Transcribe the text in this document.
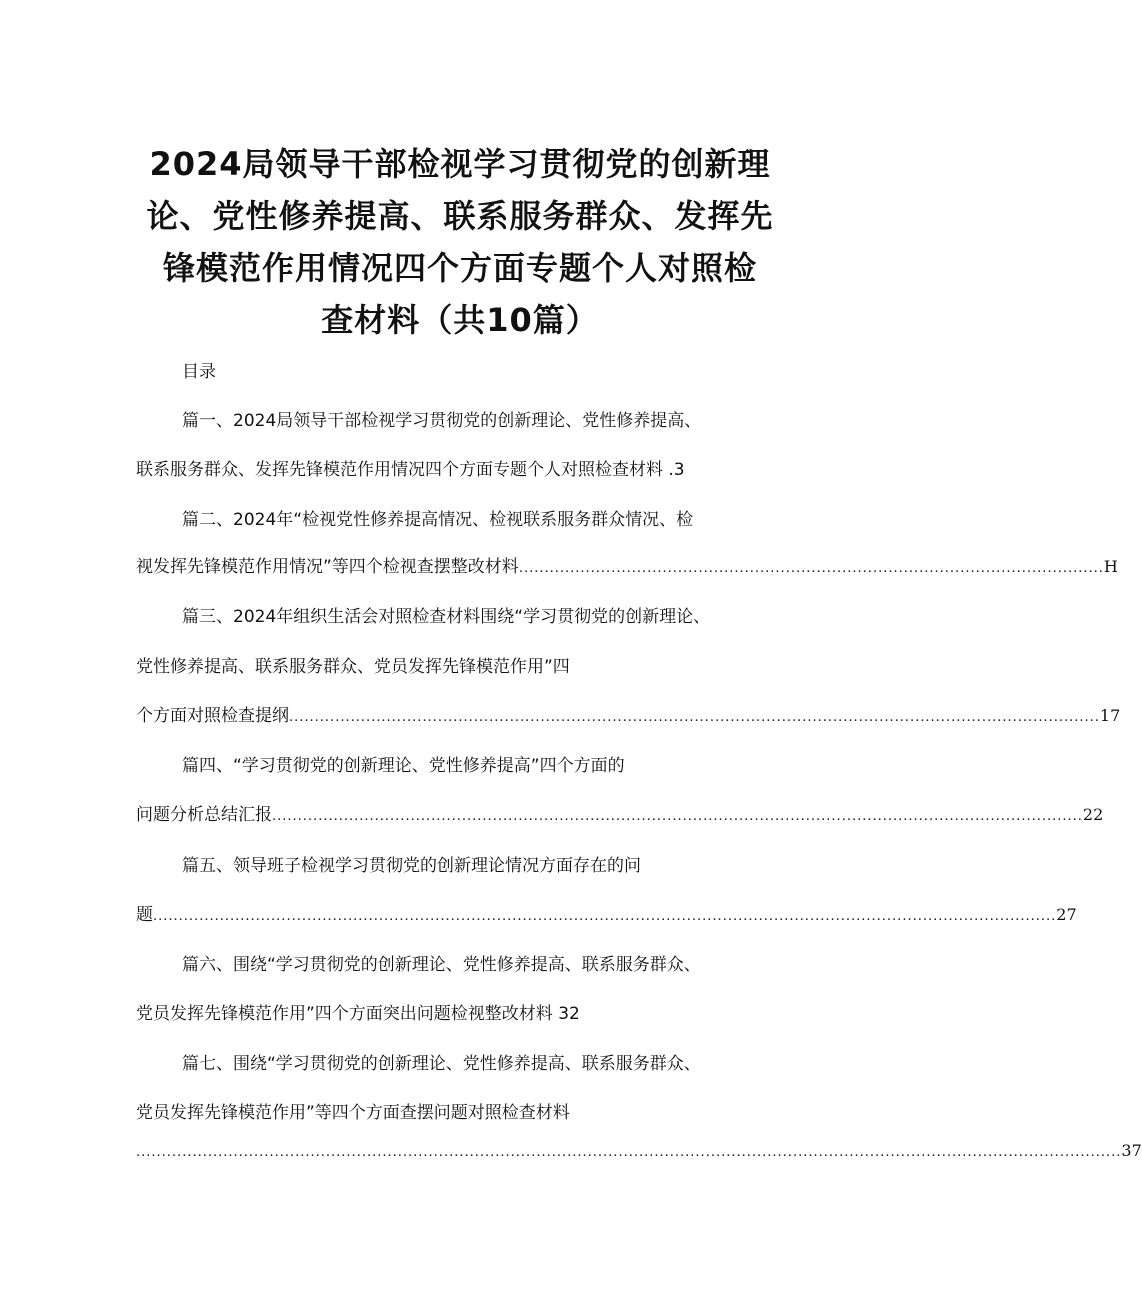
2024局领导干部检视学习贯彻党的创新理
论、党性修养提高、联系服务群众、发挥先
锋模范作用情况四个方面专题个人对照检
查材料（共10篇）
目录
篇一、2024局领导干部检视学习贯彻党的创新理论、党性修养提高、
联系服务群众、发挥先锋模范作用情况四个方面专题个人对照检查材料 .3
篇二、2024年“检视党性修养提高情况、检视联系服务群众情况、检
视发挥先锋模范作用情况”等四个检视查摆整改材料 .................................................................................................................. H
篇三、2024年组织生活会对照检查材料围绕“学习贯彻党的创新理论、
党性修养提高、联系服务群众、党员发挥先锋模范作用”四
个方面对照检查提纲 .............................................................................................................................................................. 17
篇四、“学习贯彻党的创新理论、党性修养提高”四个方面的
问题分析总结汇报 .............................................................................................................................................................. 22
篇五、领导班子检视学习贯彻党的创新理论情况方面存在的问
题 ................................................................................................................................................................................ 27
篇六、围绕“学习贯彻党的创新理论、党性修养提高、联系服务群众、
党员发挥先锋模范作用”四个方面突出问题检视整改材料 32
篇七、围绕“学习贯彻党的创新理论、党性修养提高、联系服务群众、
党员发挥先锋模范作用”等四个方面查摆问题对照检查材料
................................................................................................................................................................................................ 37
